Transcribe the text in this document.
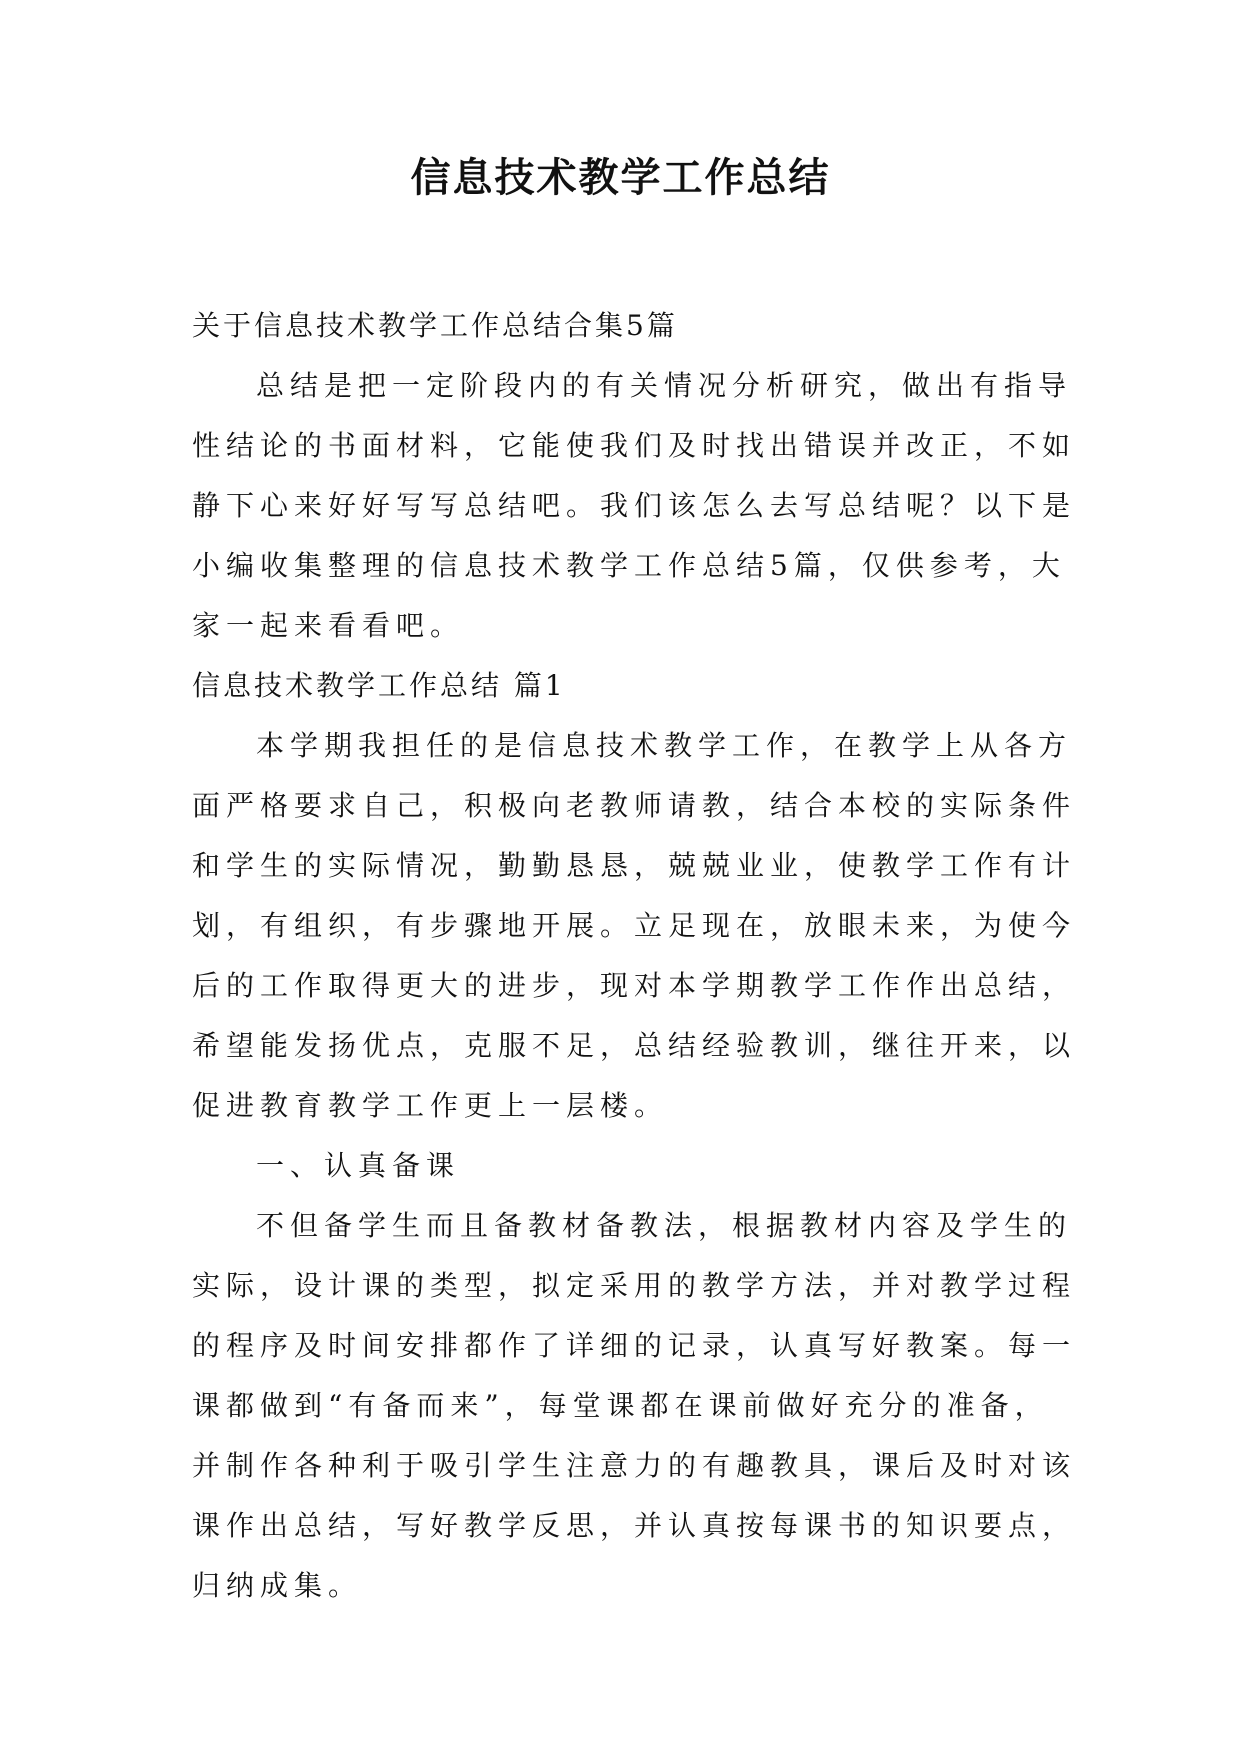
信息技术教学工作总结

关于信息技术教学工作总结合集5篇

总结是把一定阶段内的有关情况分析研究，做出有指导

性结论的书面材料，它能使我们及时找出错误并改正，不如

静下心来好好写写总结吧。我们该怎么去写总结呢？以下是

小编收集整理的信息技术教学工作总结5篇，仅供参考，大

家一起来看看吧。

信息技术教学工作总结 篇1

本学期我担任的是信息技术教学工作，在教学上从各方

面严格要求自己，积极向老教师请教，结合本校的实际条件

和学生的实际情况，勤勤恳恳，兢兢业业，使教学工作有计

划，有组织，有步骤地开展。立足现在，放眼未来，为使今

后的工作取得更大的进步，现对本学期教学工作作出总结，

希望能发扬优点，克服不足，总结经验教训，继往开来，以

促进教育教学工作更上一层楼。

一、认真备课

不但备学生而且备教材备教法，根据教材内容及学生的

实际，设计课的类型，拟定采用的教学方法，并对教学过程

的程序及时间安排都作了详细的记录，认真写好教案。每一

课都做到“有备而来”，每堂课都在课前做好充分的准备，

并制作各种利于吸引学生注意力的有趣教具，课后及时对该

课作出总结，写好教学反思，并认真按每课书的知识要点，

归纳成集。
